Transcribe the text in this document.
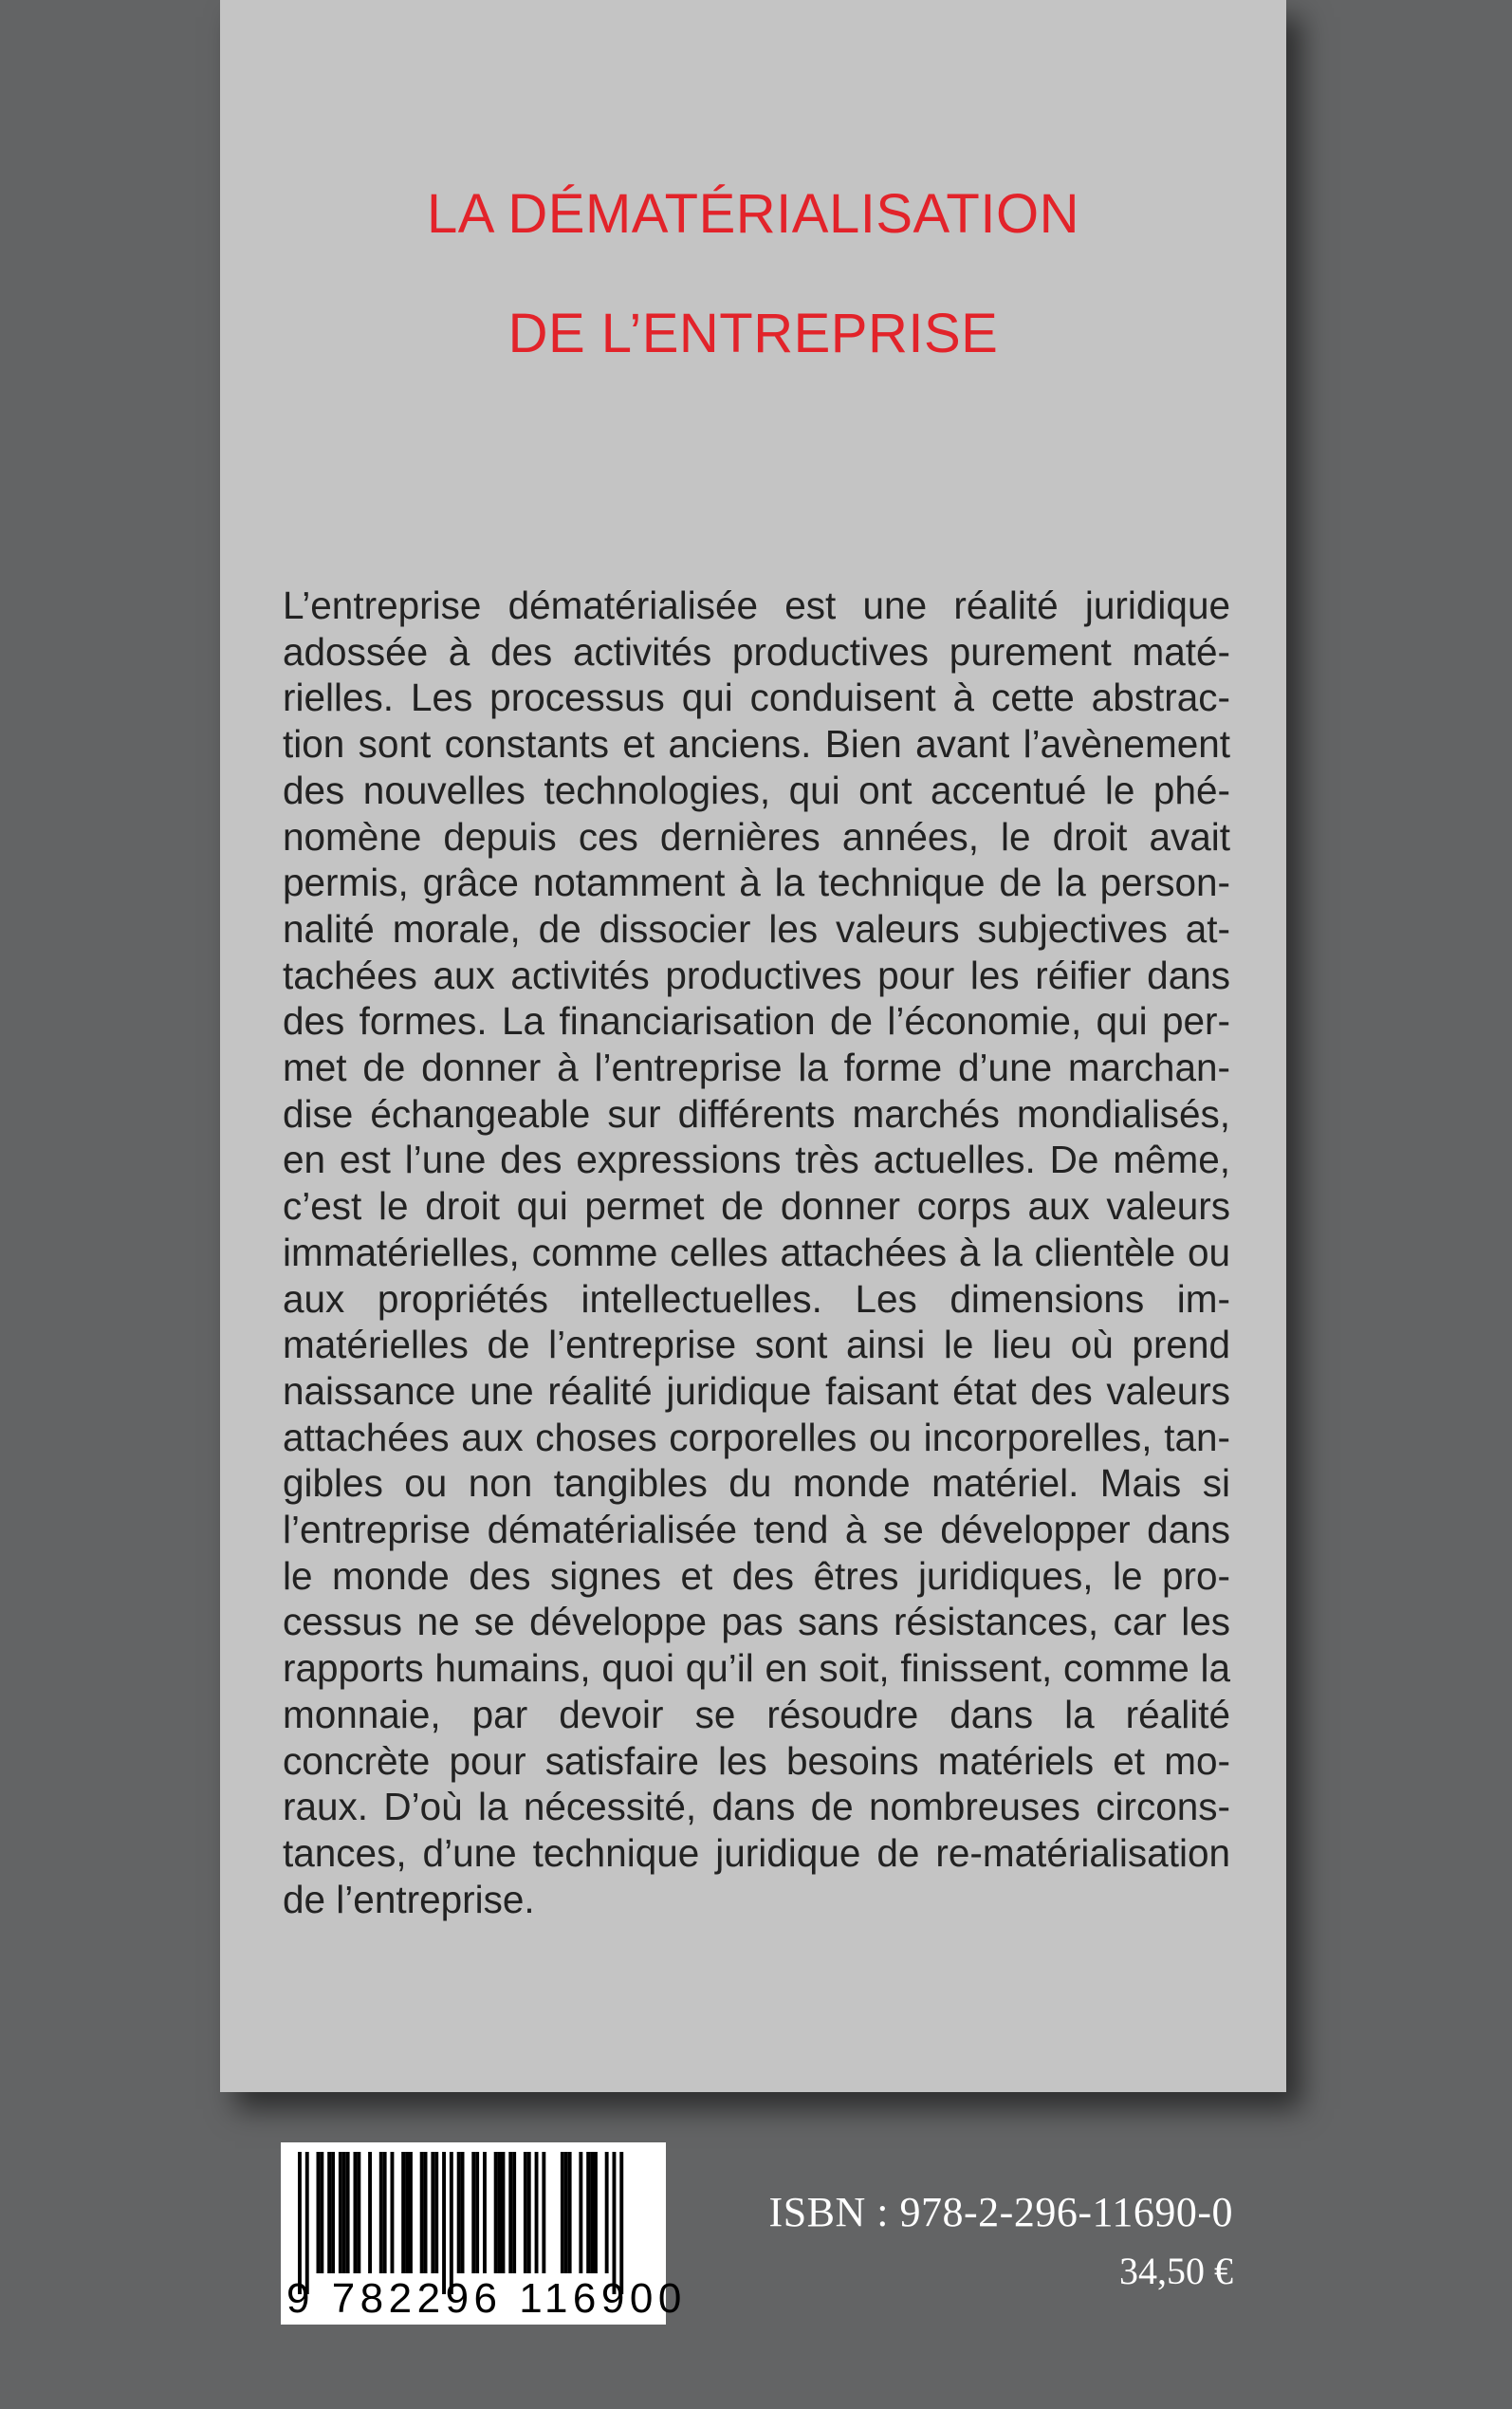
LA DÉMATÉRIALISATION
DE L’ENTREPRISE

L’entreprise dématérialisée est une réalité juridique adossée à des activités productives purement matérielles. Les processus qui conduisent à cette abstraction sont constants et anciens. Bien avant l’avènement des nouvelles technologies, qui ont accentué le phénomène depuis ces dernières années, le droit avait permis, grâce notamment à la technique de la personnalité morale, de dissocier les valeurs subjectives attachées aux activités productives pour les réifier dans des formes. La financiarisation de l’économie, qui permet de donner à l’entreprise la forme d’une marchandise échangeable sur différents marchés mondialisés, en est l’une des expressions très actuelles. De même, c’est le droit qui permet de donner corps aux valeurs immatérielles, comme celles attachées à la clientèle ou aux propriétés intellectuelles. Les dimensions immatérielles de l’entreprise sont ainsi le lieu où prend naissance une réalité juridique faisant état des valeurs attachées aux choses corporelles ou incorporelles, tangibles ou non tangibles du monde matériel. Mais si l’entreprise dématérialisée tend à se développer dans le monde des signes et des êtres juridiques, le processus ne se développe pas sans résistances, car les rapports humains, quoi qu’il en soit, finissent, comme la monnaie, par devoir se résoudre dans la réalité concrète pour satisfaire les besoins matériels et moraux. D’où la nécessité, dans de nombreuses circonstances, d’une technique juridique de re-matérialisation de l’entreprise.

9 782296 116900
ISBN : 978-2-296-11690-0
34,50 €
